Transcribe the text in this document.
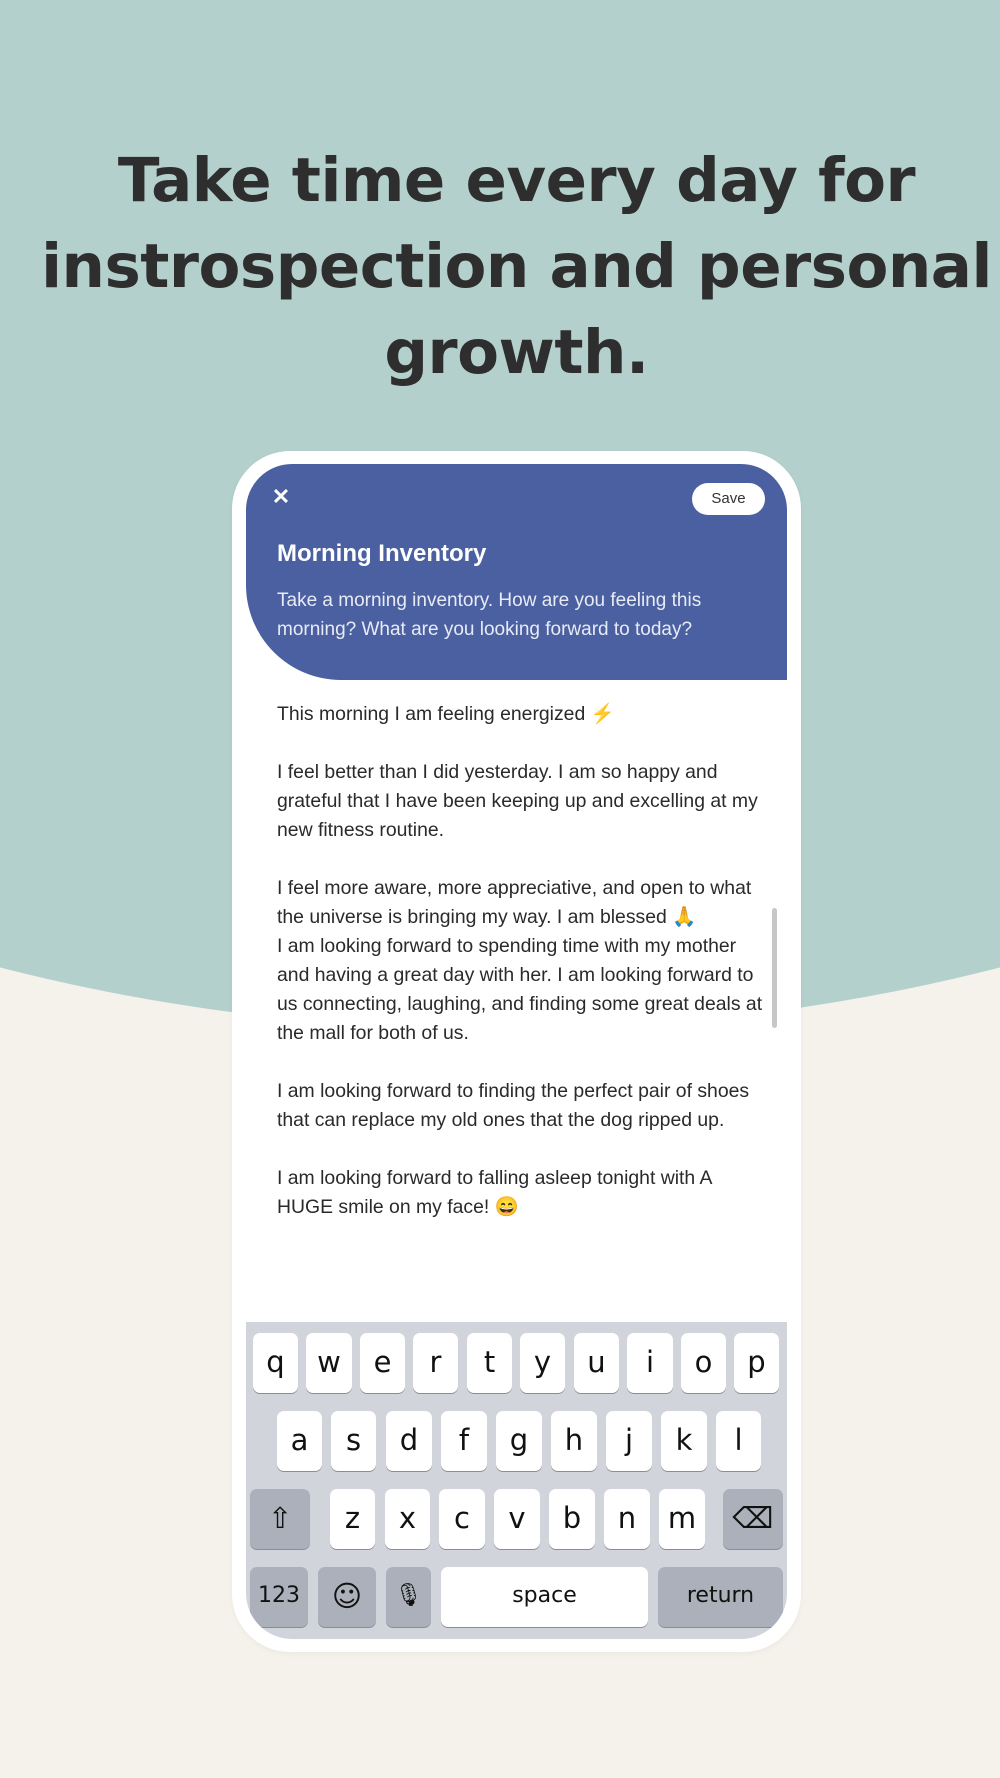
Take time every day for instrospection and personal growth.
✕	Save
Morning Inventory

Take a morning inventory. How are you feeling this morning? What are you looking forward to today?

This morning I am feeling energized ⚡

I feel better than I did yesterday. I am so happy and grateful that I have been keeping up and excelling at my new fitness routine.

I feel more aware, more appreciative, and open to what the universe is bringing my way. I am blessed 🙏

I am looking forward to spending time with my mother and having a great day with her. I am looking forward to us connecting, laughing, and finding some great deals at the mall for both of us.

I am looking forward to finding the perfect pair of shoes that can replace my old ones that the dog ripped up.

I am looking forward to falling asleep tonight with A HUGE smile on my face! 😄

q	w	e	r	t	y	u	i	o	p
a	s	d	f	g	h	j	k	l
⇧	z	x	c	v	b	n	m	⌫
123	☺	🎙	space	return
